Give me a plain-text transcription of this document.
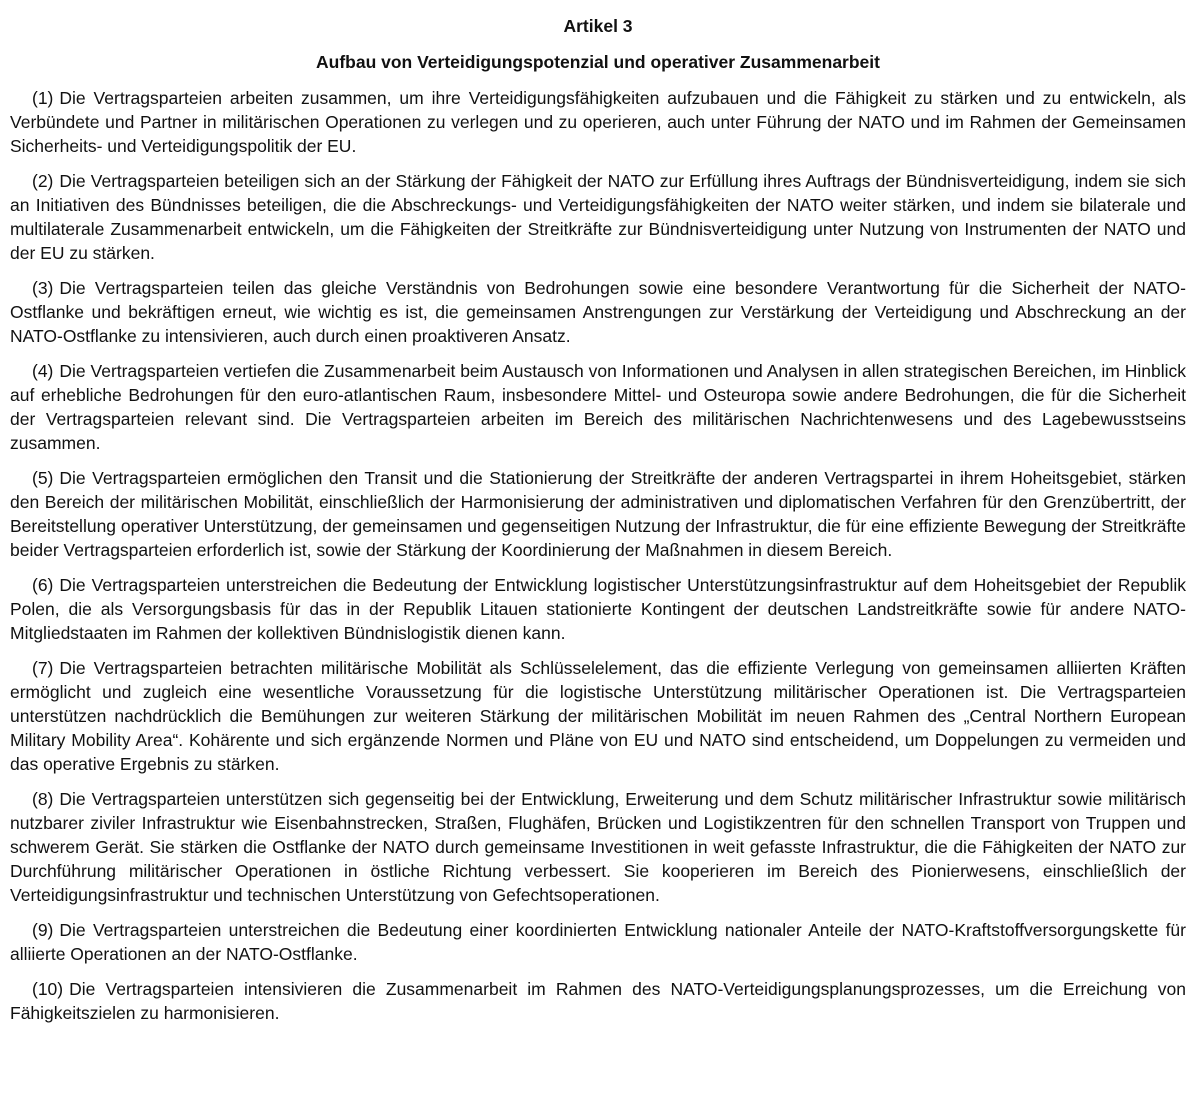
Artikel 3
Aufbau von Verteidigungspotenzial und operativer Zusammenarbeit

(1) Die Vertragsparteien arbeiten zusammen, um ihre Verteidigungsfähigkeiten aufzubauen und die Fähigkeit zu stärken und zu entwickeln, als Verbündete und Partner in militärischen Operationen zu verlegen und zu operieren, auch unter Führung der NATO und im Rahmen der Gemeinsamen Sicherheits- und Verteidigungspolitik der EU.

(2) Die Vertragsparteien beteiligen sich an der Stärkung der Fähigkeit der NATO zur Erfüllung ihres Auftrags der Bündnisverteidigung, indem sie sich an Initiativen des Bündnisses beteiligen, die die Abschreckungs- und Verteidigungsfähigkeiten der NATO weiter stärken, und indem sie bilaterale und multilaterale Zusammenarbeit entwickeln, um die Fähigkeiten der Streitkräfte zur Bündnisverteidigung unter Nutzung von Instrumenten der NATO und der EU zu stärken.

(3) Die Vertragsparteien teilen das gleiche Verständnis von Bedrohungen sowie eine besondere Verantwortung für die Sicherheit der NATO-Ostflanke und bekräftigen erneut, wie wichtig es ist, die gemeinsamen Anstrengungen zur Verstärkung der Verteidigung und Abschreckung an der NATO-Ostflanke zu intensivieren, auch durch einen proaktiveren Ansatz.

(4) Die Vertragsparteien vertiefen die Zusammenarbeit beim Austausch von Informationen und Analysen in allen strategischen Bereichen, im Hinblick auf erhebliche Bedrohungen für den euro-atlantischen Raum, insbesondere Mittel- und Osteuropa sowie andere Bedrohungen, die für die Sicherheit der Vertragsparteien relevant sind. Die Vertragsparteien arbeiten im Bereich des militärischen Nachrichtenwesens und des Lagebewusstseins zusammen.

(5) Die Vertragsparteien ermöglichen den Transit und die Stationierung der Streitkräfte der anderen Vertragspartei in ihrem Hoheitsgebiet, stärken den Bereich der militärischen Mobilität, einschließlich der Harmonisierung der administrativen und diplomatischen Verfahren für den Grenzübertritt, der Bereitstellung operativer Unterstützung, der gemeinsamen und gegenseitigen Nutzung der Infrastruktur, die für eine effiziente Bewegung der Streitkräfte beider Vertragsparteien erforderlich ist, sowie der Stärkung der Koordinierung der Maßnahmen in diesem Bereich.

(6) Die Vertragsparteien unterstreichen die Bedeutung der Entwicklung logistischer Unterstützungsinfrastruktur auf dem Hoheitsgebiet der Republik Polen, die als Versorgungsbasis für das in der Republik Litauen stationierte Kontingent der deutschen Landstreitkräfte sowie für andere NATO-Mitgliedstaaten im Rahmen der kollektiven Bündnislogistik dienen kann.

(7) Die Vertragsparteien betrachten militärische Mobilität als Schlüsselelement, das die effiziente Verlegung von gemeinsamen alliierten Kräften ermöglicht und zugleich eine wesentliche Voraussetzung für die logistische Unterstützung militärischer Operationen ist. Die Vertragsparteien unterstützen nachdrücklich die Bemühungen zur weiteren Stärkung der militärischen Mobilität im neuen Rahmen des „Central Northern European Military Mobility Area“. Kohärente und sich ergänzende Normen und Pläne von EU und NATO sind entscheidend, um Doppelungen zu vermeiden und das operative Ergebnis zu stärken.

(8) Die Vertragsparteien unterstützen sich gegenseitig bei der Entwicklung, Erweiterung und dem Schutz militärischer Infrastruktur sowie militärisch nutzbarer ziviler Infrastruktur wie Eisenbahnstrecken, Straßen, Flughäfen, Brücken und Logistikzentren für den schnellen Transport von Truppen und schwerem Gerät. Sie stärken die Ostflanke der NATO durch gemeinsame Investitionen in weit gefasste Infrastruktur, die die Fähigkeiten der NATO zur Durchführung militärischer Operationen in östliche Richtung verbessert. Sie kooperieren im Bereich des Pionierwesens, einschließlich der Verteidigungsinfrastruktur und technischen Unterstützung von Gefechtsoperationen.

(9) Die Vertragsparteien unterstreichen die Bedeutung einer koordinierten Entwicklung nationaler Anteile der NATO-Kraftstoffversorgungskette für alliierte Operationen an der NATO-Ostflanke.

(10) Die Vertragsparteien intensivieren die Zusammenarbeit im Rahmen des NATO-Verteidigungsplanungsprozesses, um die Erreichung von Fähigkeitszielen zu harmonisieren.
